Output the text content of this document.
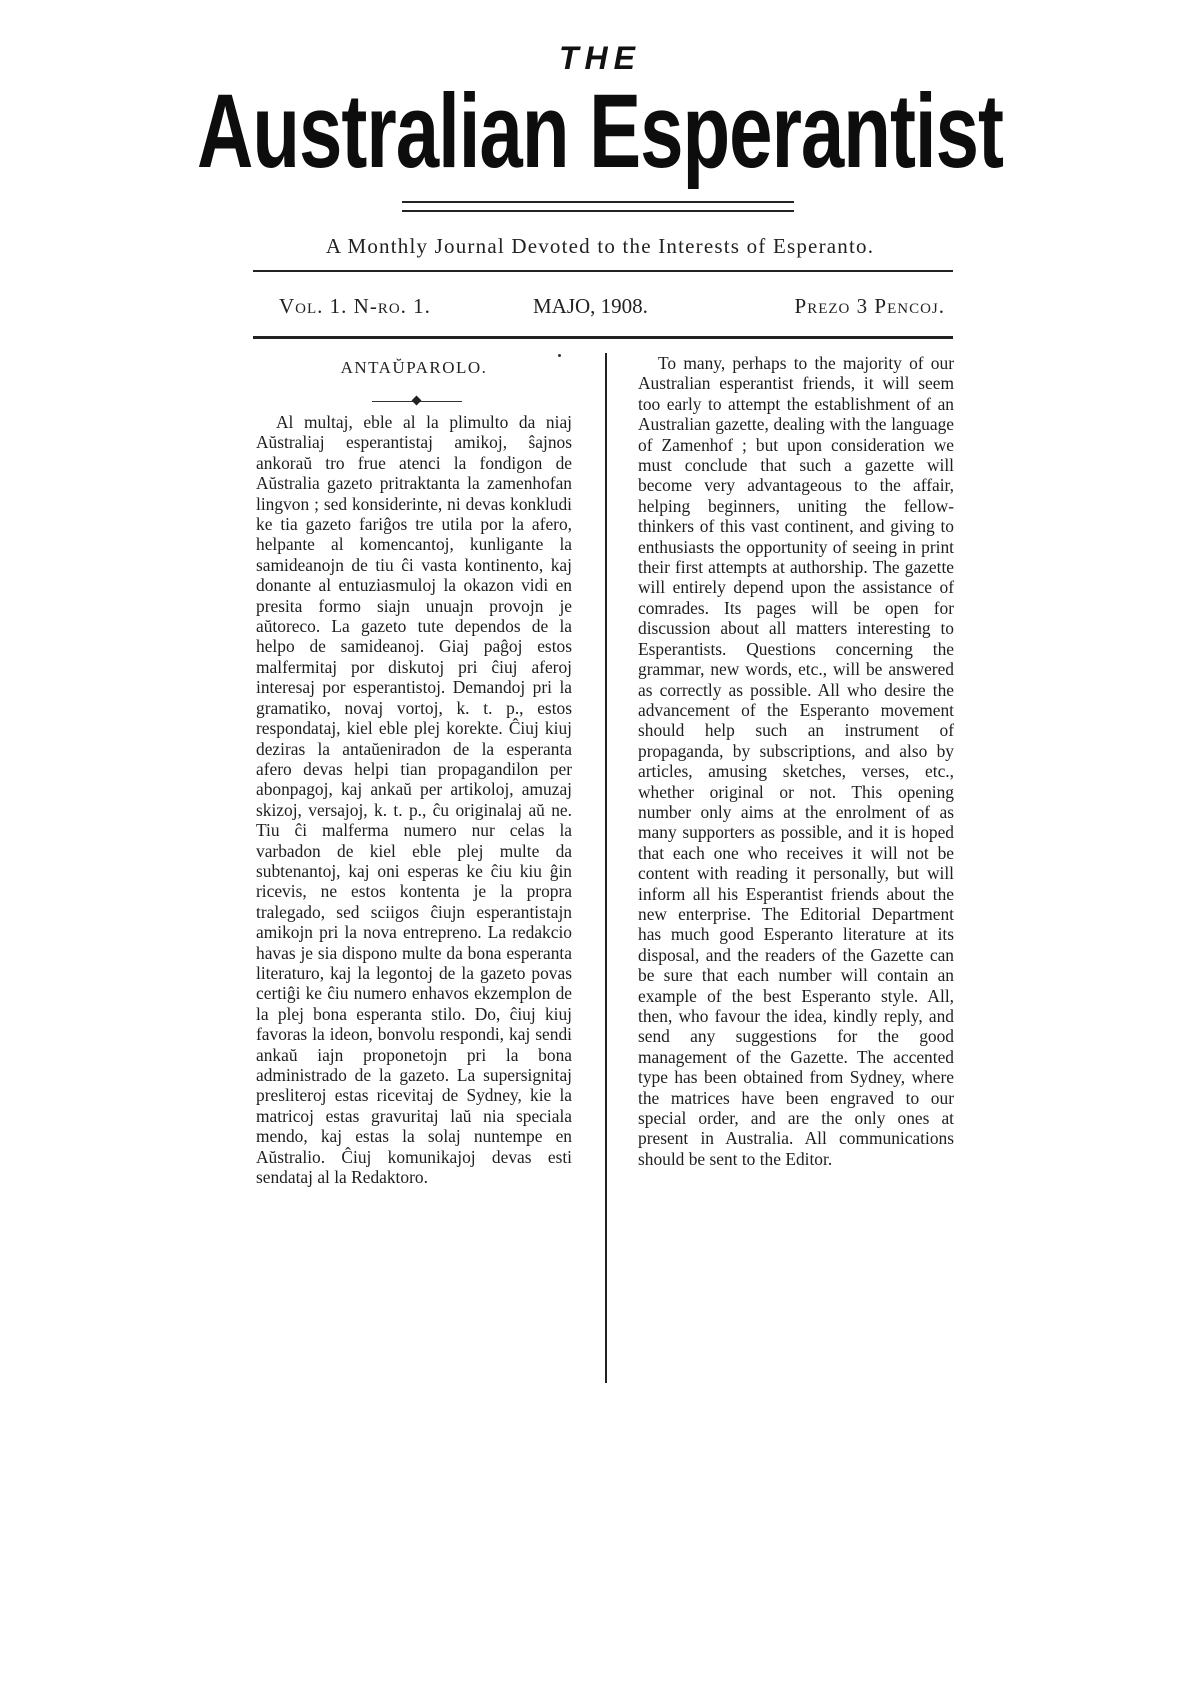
THE
Australian Esperantist
A Monthly Journal Devoted to the Interests of Esperanto.
Vol. 1. N-ro. 1.	MAJO, 1908.	Prezo 3 Pencoj.
ANTAŬPAROLO.
Al multaj, eble al la plimulto da niaj Aŭstraliaj esperantistaj amikoj, ŝajnos ankoraŭ tro frue atenci la fondigon de Aŭstralia gazeto pritraktanta la zamenhofan lingvon ; sed konsiderinte, ni devas konkludi ke tia gazeto fariĝos tre utila por la afero, helpante al komencantoj, kunligante la samideanojn de tiu ĉi vasta kontinento, kaj donante al entuziasmuloj la okazon vidi en presita formo siajn unuajn provojn je aŭtoreco. La gazeto tute dependos de la helpo de samideanoj. Giaj paĝoj estos malfermitaj por diskutoj pri ĉiuj aferoj interesaj por esperantistoj. Demandoj pri la gramatiko, novaj vortoj, k. t. p., estos respondataj, kiel eble plej korekte. Ĉiuj kiuj deziras la antaŭeniradon de la esperanta afero devas helpi tian propagandilon per abonpagoj, kaj ankaŭ per artikoloj, amuzaj skizoj, versajoj, k. t. p., ĉu originalaj aŭ ne. Tiu ĉi malferma numero nur celas la varbadon de kiel eble plej multe da subtenantoj, kaj oni esperas ke ĉiu kiu ĝin ricevis, ne estos kontenta je la propra tralegado, sed sciigos ĉiujn esperantistajn amikojn pri la nova entrepreno. La redakcio havas je sia dispono multe da bona esperanta literaturo, kaj la legontoj de la gazeto povas certiĝi ke ĉiu numero enhavos ekzemplon de la plej bona esperanta stilo. Do, ĉiuj kiuj favoras la ideon, bonvolu respondi, kaj sendi ankaŭ iajn proponetojn pri la bona administrado de la gazeto. La supersignitaj presliteroj estas ricevitaj de Sydney, kie la matricoj estas gravuritaj laŭ nia speciala mendo, kaj estas la solaj nuntempe en Aŭstralio. Ĉiuj komunikajoj devas esti sendataj al la Redaktoro.
To many, perhaps to the majority of our Australian esperantist friends, it will seem too early to attempt the establishment of an Australian gazette, dealing with the language of Zamenhof ; but upon consideration we must conclude that such a gazette will become very advantageous to the affair, helping beginners, uniting the fellow-thinkers of this vast continent, and giving to enthusiasts the opportunity of seeing in print their first attempts at authorship. The gazette will entirely depend upon the assistance of comrades. Its pages will be open for discussion about all matters interesting to Esperantists. Questions concerning the grammar, new words, etc., will be answered as correctly as possible. All who desire the advancement of the Esperanto movement should help such an instrument of propaganda, by subscriptions, and also by articles, amusing sketches, verses, etc., whether original or not. This opening number only aims at the enrolment of as many supporters as possible, and it is hoped that each one who receives it will not be content with reading it personally, but will inform all his Esperantist friends about the new enterprise. The Editorial Department has much good Esperanto literature at its disposal, and the readers of the Gazette can be sure that each number will contain an example of the best Esperanto style. All, then, who favour the idea, kindly reply, and send any suggestions for the good management of the Gazette. The accented type has been obtained from Sydney, where the matrices have been engraved to our special order, and are the only ones at present in Australia. All communications should be sent to the Editor.
